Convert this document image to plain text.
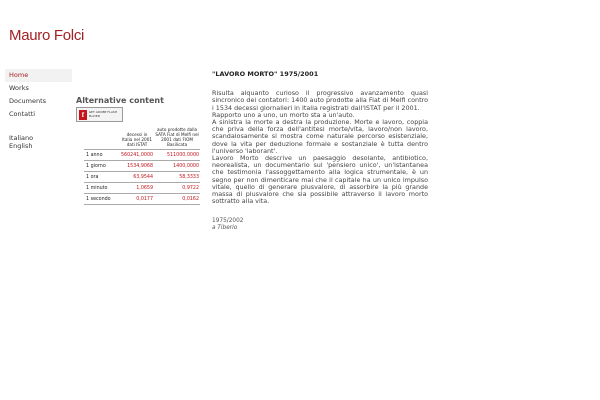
Mauro Folci
Home
Works
Documents
Contatti
Italiano
English
Alternative content
f	GET ADOBE FLASH PLAYER
	decessi in Italia nel 2001 dati ISTAT	auto prodotte dalla SATA Fiat di Melfi nel 2001 dati FIOM Basilicata
1 anno	560241,0000	511000,0000
1 giorno	1534,9068	1400,0000
1 ora	63,9544	58,3333
1 minuto	1,0659	0,9722
1 secondo	0,0177	0,0162
"LAVORO MORTO" 1975/2001

Risulta alquanto curioso il progressivo avanzamento quasi sincronico dei contatori: 1400 auto prodotte alla Fiat di Melfi contro i 1534 decessi giornalieri in Italia registrati dall'ISTAT per il 2001.

Rapporto uno a uno, un morto sta a un'auto.

A sinistra la morte a destra la produzione. Morte e lavoro, coppia che priva della forza dell'antitesi morte/vita, lavoro/non lavoro, scandalosamente si mostra come naturale percorso esistenziale, dove la vita per deduzione formale e sostanziale è tutta dentro l'universo 'laborant'.

Lavoro Morto descrive un paesaggio desolante, antibiotico, neorealista, un documentario sul 'pensiero unico', un'istantanea che testimonia l'assoggettamento alla logica strumentale, è un segno per non dimenticare mai che il capitale ha un unico impulso vitale, quello di generare plusvalore, di assorbire la più grande massa di plusvalore che sia possibile attraverso il lavoro morto sottratto alla vita.

1975/2002
a Tiberio
